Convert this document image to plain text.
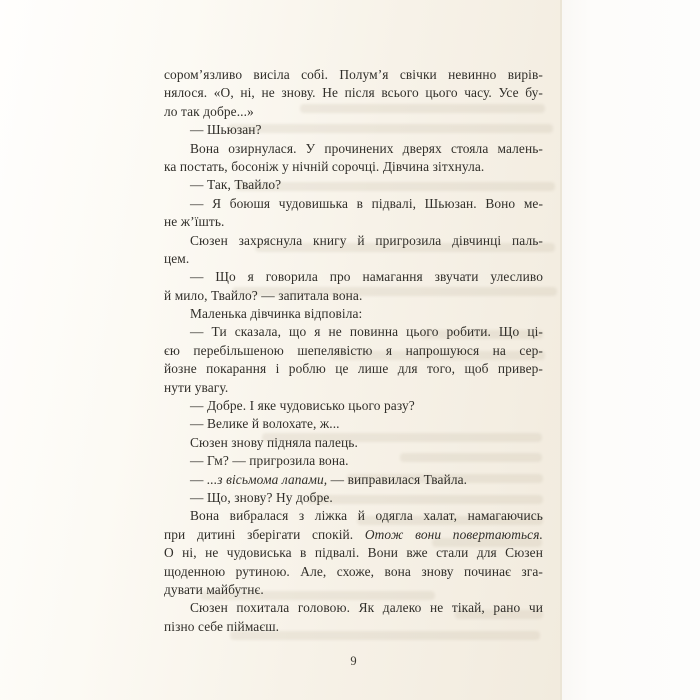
сором’язливо висіла собі. Полум’я свічки невинно вирів-
нялося. «О, ні, не знову. Не після всього цього часу. Усе бу-
ло так добре...»
— Шьюзан?
Вона озирнулася. У прочинених дверях стояла малень-
ка постать, босоніж у нічній сорочці. Дівчина зітхнула.
— Так, Твайло?
— Я боюшя чудовишька в підвалі, Шьюзан. Воно ме-
не ж’їшть.
Сюзен захряснула книгу й пригрозила дівчинці паль-
цем.
— Що я говорила про намагання звучати улесливо
й мило, Твайло? — запитала вона.
Маленька дівчинка відповіла:
— Ти сказала, що я не повинна цього робити. Що ці-
єю перебільшеною шепелявістю я напрошуюся на сер-
йозне покарання і роблю це лише для того, щоб привер-
нути увагу.
— Добре. І яке чудовисько цього разу?
— Велике й волохате, ж...
Сюзен знову підняла палець.
— Гм? — пригрозила вона.
— ...з вісьмома лапами, — виправилася Твайла.
— Що, знову? Ну добре.
Вона вибралася з ліжка й одягла халат, намагаючись
при дитині зберігати спокій. Отож вони повертаються.
О ні, не чудовиська в підвалі. Вони вже стали для Сюзен
щоденною рутиною. Але, схоже, вона знову починає зга-
дувати майбутнє.
Сюзен похитала головою. Як далеко не тікай, рано чи
пізно себе піймаєш.
9
